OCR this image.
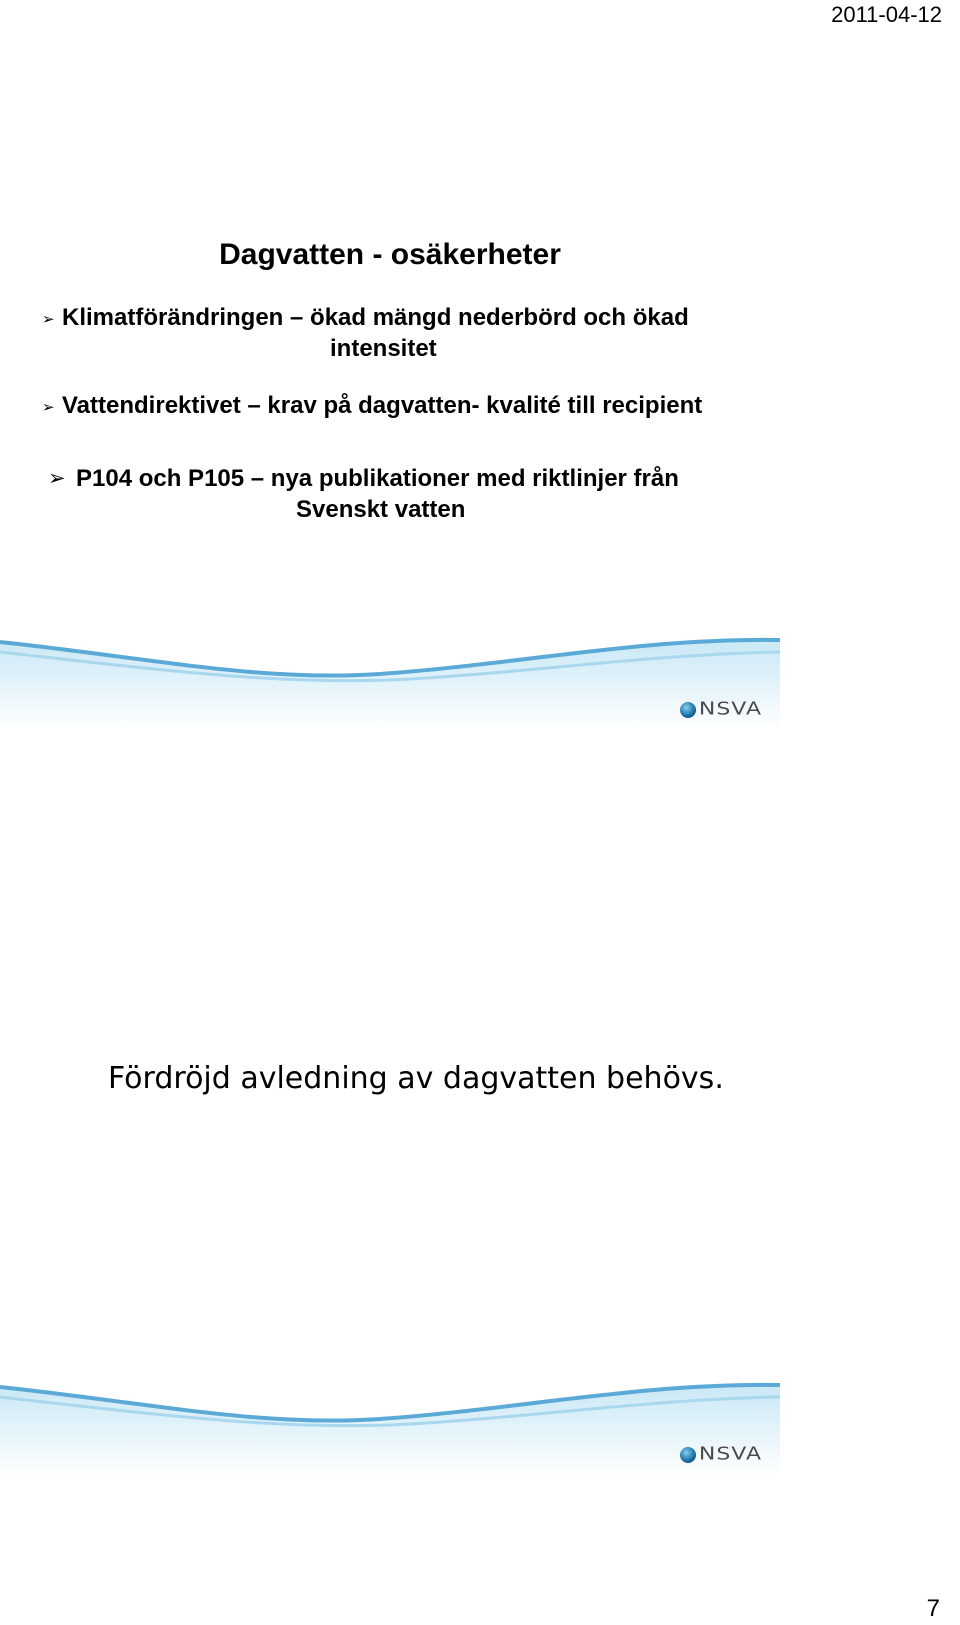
2011-04-12
Dagvatten - osäkerheter
➢ Klimatförändringen – ökad mängd nederbörd och ökad
intensitet
➢ Vattendirektivet – krav på dagvatten- kvalité till recipient
➢ P104 och P105 – nya publikationer med riktlinjer från
Svenskt vatten
NSVA
Fördröjd avledning av dagvatten behövs.
NSVA
7
